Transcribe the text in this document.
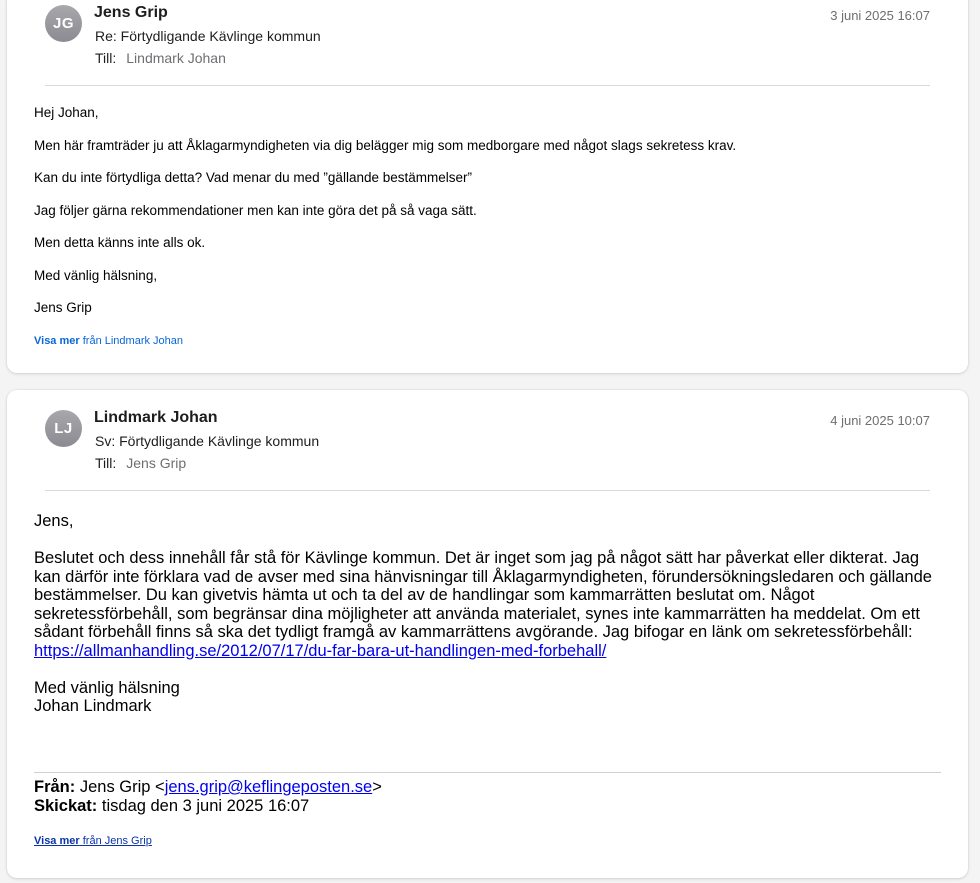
JG
Jens Grip
Re: Förtydligande Kävlinge kommun
Till: Lindmark Johan
3 juni 2025 16:07

Hej Johan,

Men här framträder ju att Åklagarmyndigheten via dig belägger mig som medborgare med något slags sekretess krav.

Kan du inte förtydliga detta? Vad menar du med ”gällande bestämmelser”

Jag följer gärna rekommendationer men kan inte göra det på så vaga sätt.

Men detta känns inte alls ok.

Med vänlig hälsning,

Jens Grip

Visa mer från Lindmark Johan
LJ
Lindmark Johan
Sv: Förtydligande Kävlinge kommun
Till: Jens Grip
4 juni 2025 10:07

Jens,

Beslutet och dess innehåll får stå för Kävlinge kommun. Det är inget som jag på något sätt har påverkat eller dikterat. Jag kan därför inte förklara vad de avser med sina hänvisningar till Åklagarmyndigheten, förundersökningsledaren och gällande bestämmelser. Du kan givetvis hämta ut och ta del av de handlingar som kammarrätten beslutat om. Något sekretessförbehåll, som begränsar dina möjligheter att använda materialet, synes inte kammarrätten ha meddelat. Om ett sådant förbehåll finns så ska det tydligt framgå av kammarrättens avgörande. Jag bifogar en länk om sekretessförbehåll:

https://allmanhandling.se/2012/07/17/du-far-bara-ut-handlingen-med-forbehall/

Med vänlig hälsning

Johan Lindmark

Från: Jens Grip <jens.grip@keflingeposten.se>
Skickat: tisdag den 3 juni 2025 16:07
Visa mer från Jens Grip
